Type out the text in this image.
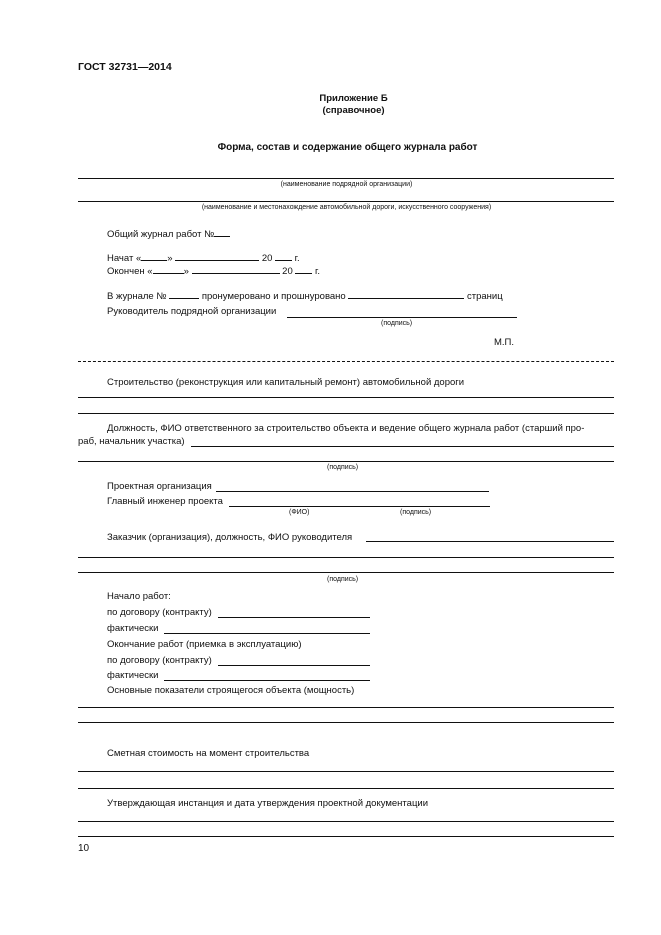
ГОСТ 32731—2014
Приложение Б
(справочное)
Форма, состав и содержание общего журнала работ
(наименование подрядной организации)
(наименование и местонахождение автомобильной дороги, искусственного сооружения)
Общий журнал работ №
Начат «	»	20 г.
Окончен «	»	20 г.
В журнале №	пронумеровано и прошнуровано	страниц
Руководитель подрядной организации
(подпись)
М.П.
Строительство (реконструкция или капитальный ремонт) автомобильной дороги
Должность, ФИО ответственного за строительство объекта и ведение общего журнала работ (старший про-
раб, начальник участка)
(подпись)
Проектная организация
Главный инженер проекта
(ФИО)	(подпись)
Заказчик (организация), должность, ФИО руководителя
(подпись)
Начало работ:
по договору (контракту)
фактически
Окончание работ (приемка в эксплуатацию)
по договору (контракту)
фактически
Основные показатели строящегося объекта (мощность)
Сметная стоимость на момент строительства
Утверждающая инстанция и дата утверждения проектной документации
10
